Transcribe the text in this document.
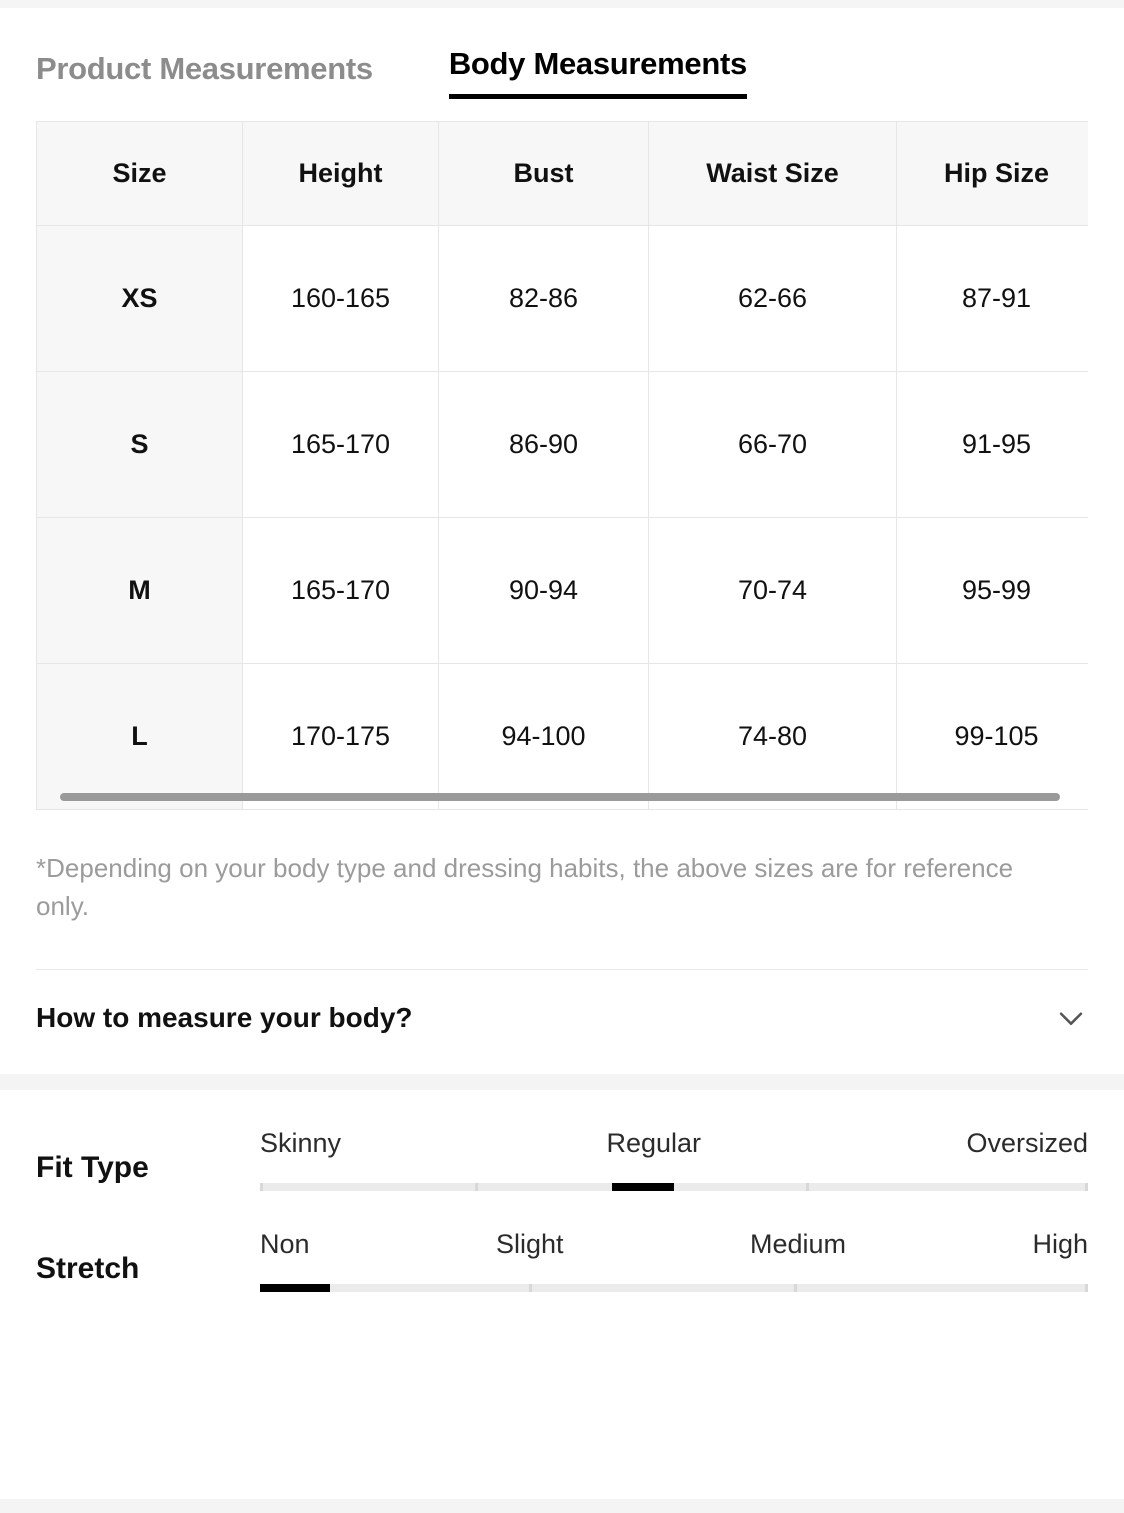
Product Measurements Body Measurements
Size	Height	Bust	Waist Size	Hip Size	
XS	160-165	82-86	62-66	87-91	
S	165-170	86-90	66-70	91-95	
M	165-170	90-94	70-74	95-99	
L	170-175	94-100	74-80	99-105	
*Depending on your body type and dressing habits, the above sizes are for reference only.
How to measure your body?
Fit Type
Skinny	Regular	Oversized
Stretch
Non	Slight	Medium	High
